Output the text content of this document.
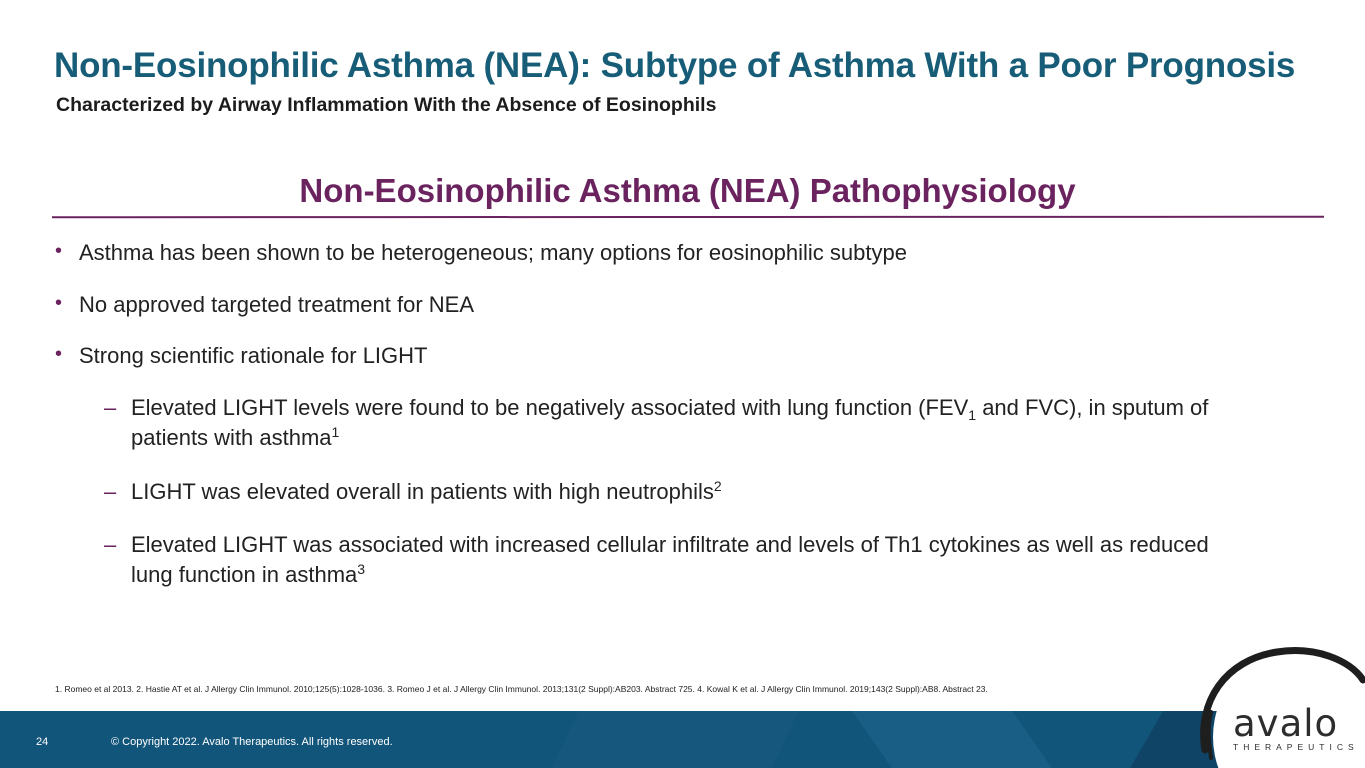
Non-Eosinophilic Asthma (NEA): Subtype of Asthma With a Poor Prognosis
Characterized by Airway Inflammation With the Absence of Eosinophils
Non-Eosinophilic Asthma (NEA) Pathophysiology
• Asthma has been shown to be heterogeneous; many options for eosinophilic subtype
• No approved targeted treatment for NEA
• Strong scientific rationale for LIGHT
– Elevated LIGHT levels were found to be negatively associated with lung function ($FEV_1$ and FVC), in sputum of patients with asthma$^1$
– LIGHT was elevated overall in patients with high neutrophils$^2$
– Elevated LIGHT was associated with increased cellular infiltrate and levels of Th1 cytokines as well as reduced lung function in asthma$^3$
1. Romeo et al 2013. 2. Hastie AT et al. J Allergy Clin Immunol. 2010;125(5):1028-1036. 3. Romeo J et al. J Allergy Clin Immunol. 2013;131(2 Suppl):AB203. Abstract 725. 4. Kowal K et al. J Allergy Clin Immunol. 2019;143(2 Suppl):AB8. Abstract 23.
24	© Copyright 2022. Avalo Therapeutics. All rights reserved.	avalo
THERAPEUTICS
